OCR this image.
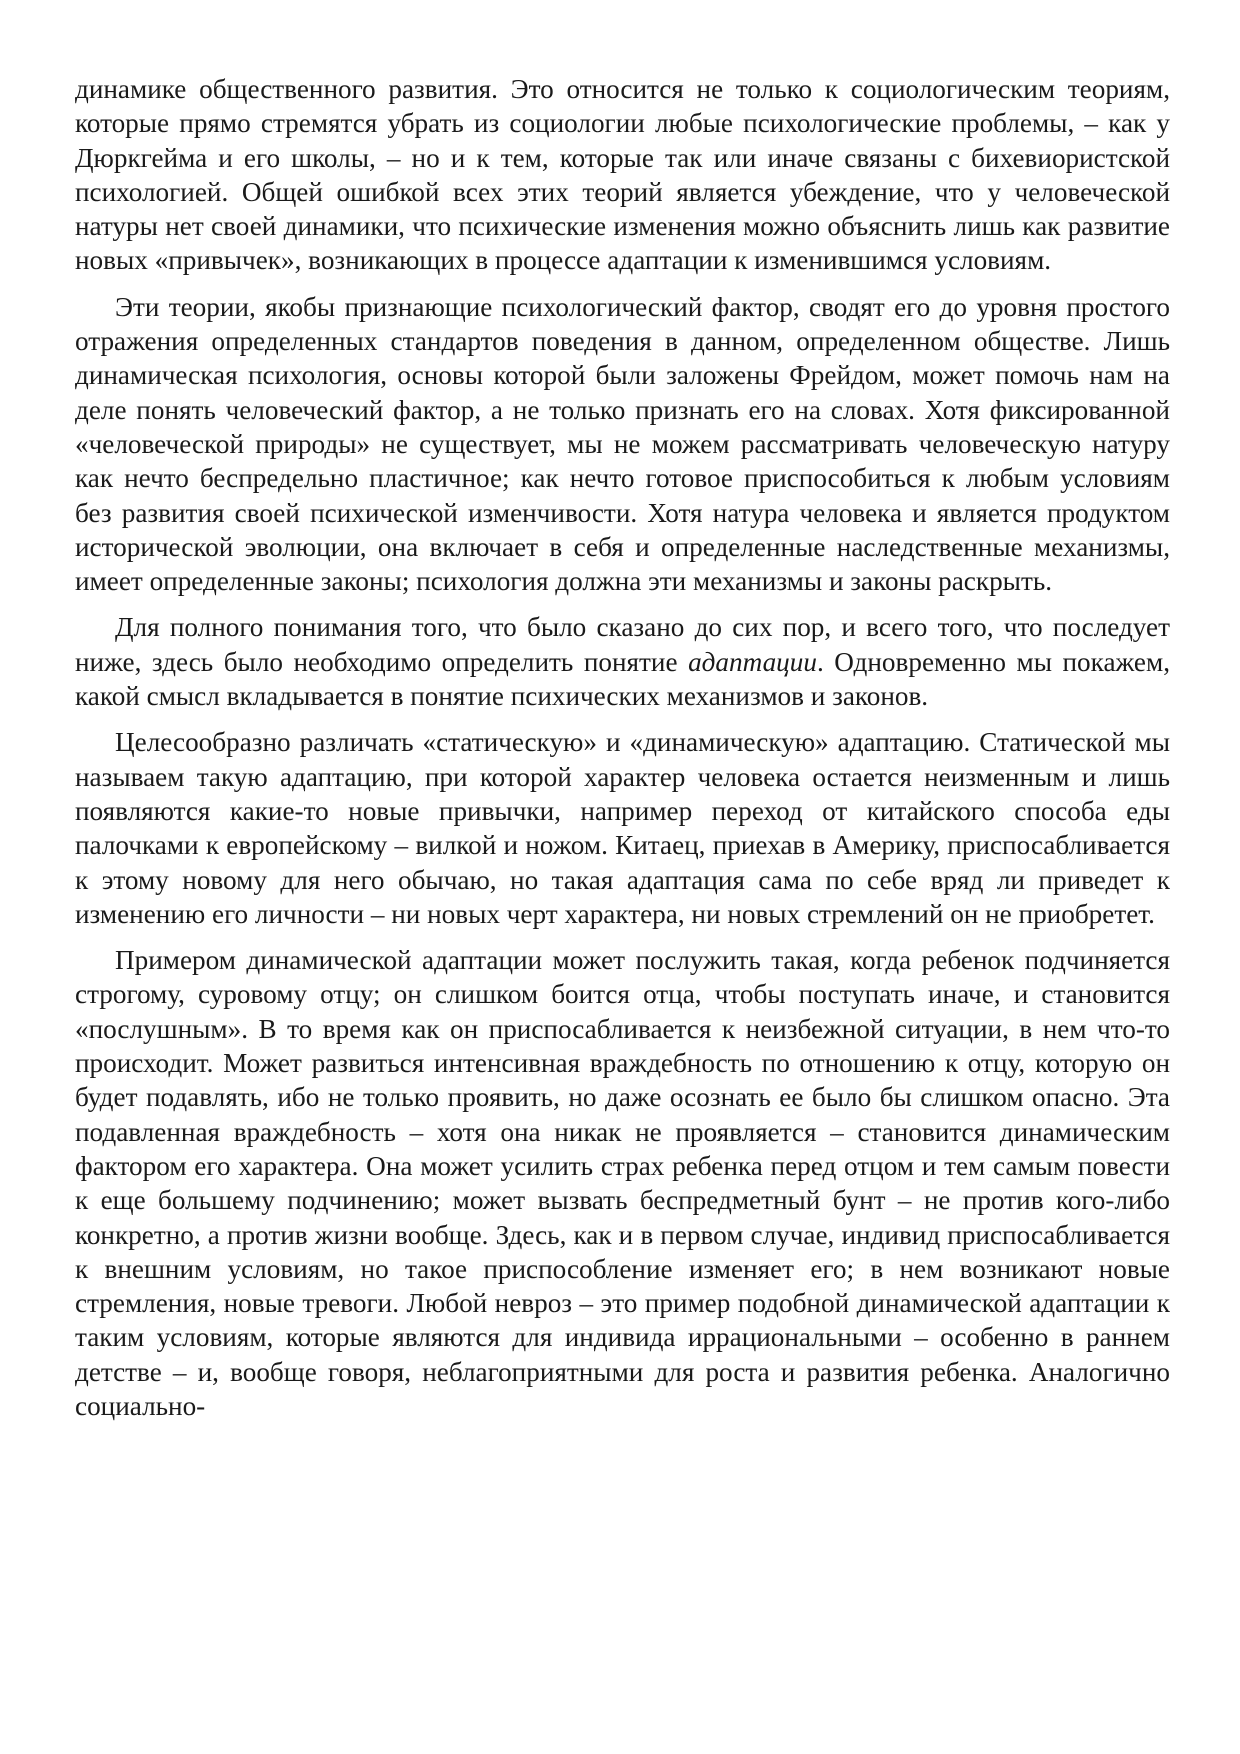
динамике общественного развития. Это относится не только к социологическим теориям, которые прямо стремятся убрать из социологии любые психологические проблемы, – как у Дюркгейма и его школы, – но и к тем, которые так или иначе связаны с бихевиористской психологией. Общей ошибкой всех этих теорий является убеждение, что у человеческой натуры нет своей динамики, что психические изменения можно объяснить лишь как развитие новых «привычек», возникающих в процессе адаптации к изменившимся условиям.

Эти теории, якобы признающие психологический фактор, сводят его до уровня простого отражения определенных стандартов поведения в данном, определенном обществе. Лишь динамическая психология, основы которой были заложены Фрейдом, может помочь нам на деле понять человеческий фактор, а не только признать его на словах. Хотя фиксированной «человеческой природы» не существует, мы не можем рассматривать человеческую натуру как нечто беспредельно пластичное; как нечто готовое приспособиться к любым условиям без развития своей психической изменчивости. Хотя натура человека и является продуктом исторической эволюции, она включает в себя и определенные наследственные механизмы, имеет определенные законы; психология должна эти механизмы и законы раскрыть.

Для полного понимания того, что было сказано до сих пор, и всего того, что последует ниже, здесь было необходимо определить понятие адаптации. Одновременно мы покажем, какой смысл вкладывается в понятие психических механизмов и законов.

Целесообразно различать «статическую» и «динамическую» адаптацию. Статической мы называем такую адаптацию, при которой характер человека остается неизменным и лишь появляются какие-то новые привычки, например переход от китайского способа еды палочками к европейскому – вилкой и ножом. Китаец, приехав в Америку, приспосабливается к этому новому для него обычаю, но такая адаптация сама по себе вряд ли приведет к изменению его личности – ни новых черт характера, ни новых стремлений он не приобретет.

Примером динамической адаптации может послужить такая, когда ребенок подчиняется строгому, суровому отцу; он слишком боится отца, чтобы поступать иначе, и становится «послушным». В то время как он приспосабливается к неизбежной ситуации, в нем что-то происходит. Может развиться интенсивная враждебность по отношению к отцу, которую он будет подавлять, ибо не только проявить, но даже осознать ее было бы слишком опасно. Эта подавленная враждебность – хотя она никак не проявляется – становится динамическим фактором его характера. Она может усилить страх ребенка перед отцом и тем самым повести к еще большему подчинению; может вызвать беспредметный бунт – не против кого-либо конкретно, а против жизни вообще. Здесь, как и в первом случае, индивид приспосабливается к внешним условиям, но такое приспособление изменяет его; в нем возникают новые стремления, новые тревоги. Любой невроз – это пример подобной динамической адаптации к таким условиям, которые являются для индивида иррациональными – особенно в раннем детстве – и, вообще говоря, неблагоприятными для роста и развития ребенка. Аналогично социально-
